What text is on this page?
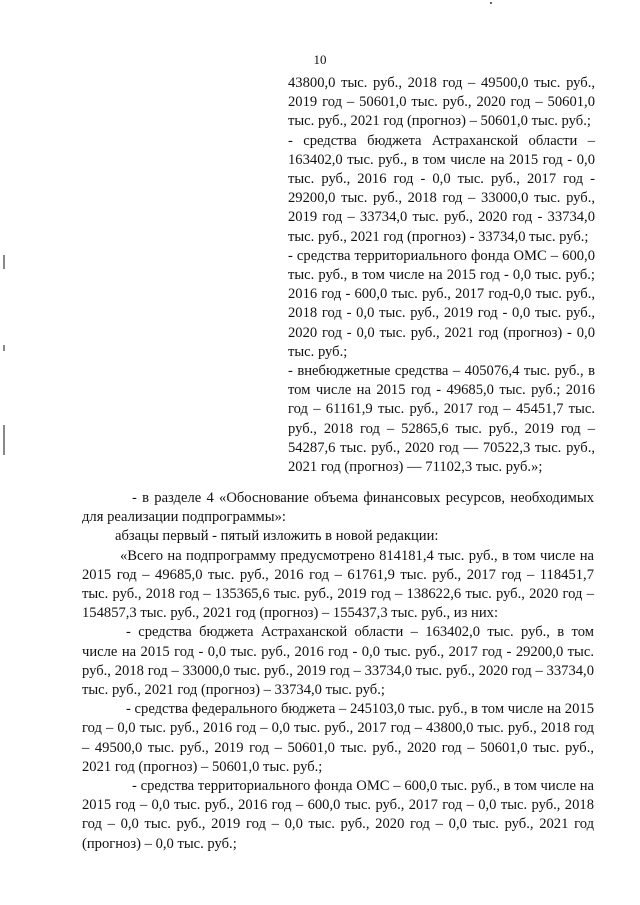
10

43800,0 тыс. руб., 2018 год – 49500,0 тыс. руб., 2019 год – 50601,0 тыс. руб., 2020 год – 50601,0 тыс. руб., 2021 год (прогноз) – 50601,0 тыс. руб.;

- средства бюджета Астраханской области – 163402,0 тыс. руб., в том числе на 2015 год - 0,0 тыс. руб., 2016 год - 0,0 тыс. руб., 2017 год - 29200,0 тыс. руб., 2018 год – 33000,0 тыс. руб., 2019 год – 33734,0 тыс. руб., 2020 год - 33734,0 тыс. руб., 2021 год (прогноз) - 33734,0 тыс. руб.;

- средства территориального фонда ОМС – 600,0 тыс. руб., в том числе на 2015 год - 0,0 тыс. руб.; 2016 год - 600,0 тыс. руб., 2017 год-0,0 тыс. руб., 2018 год - 0,0 тыс. руб., 2019 год - 0,0 тыс. руб., 2020 год - 0,0 тыс. руб., 2021 год (прогноз) - 0,0 тыс. руб.;

- внебюджетные средства – 405076,4 тыс. руб., в том числе на 2015 год - 49685,0 тыс. руб.; 2016 год – 61161,9 тыс. руб., 2017 год – 45451,7 тыс. руб., 2018 год – 52865,6 тыс. руб., 2019 год – 54287,6 тыс. руб., 2020 год — 70522,3 тыс. руб., 2021 год (прогноз) — 71102,3 тыс. руб.»;

- в разделе 4 «Обоснование объема финансовых ресурсов, необходимых для реализации подпрограммы»:

абзацы первый - пятый изложить в новой редакции:

«Всего на подпрограмму предусмотрено 814181,4 тыс. руб., в том числе на 2015 год – 49685,0 тыс. руб., 2016 год – 61761,9 тыс. руб., 2017 год – 118451,7 тыс. руб., 2018 год – 135365,6 тыс. руб., 2019 год – 138622,6 тыс. руб., 2020 год – 154857,3 тыс. руб., 2021 год (прогноз) – 155437,3 тыс. руб., из них:

- средства бюджета Астраханской области – 163402,0 тыс. руб., в том числе на 2015 год - 0,0 тыс. руб., 2016 год - 0,0 тыс. руб., 2017 год - 29200,0 тыс. руб., 2018 год – 33000,0 тыс. руб., 2019 год – 33734,0 тыс. руб., 2020 год – 33734,0 тыс. руб., 2021 год (прогноз) – 33734,0 тыс. руб.;

- средства федерального бюджета – 245103,0 тыс. руб., в том числе на 2015 год – 0,0 тыс. руб., 2016 год – 0,0 тыс. руб., 2017 год – 43800,0 тыс. руб., 2018 год – 49500,0 тыс. руб., 2019 год – 50601,0 тыс. руб., 2020 год – 50601,0 тыс. руб., 2021 год (прогноз) – 50601,0 тыс. руб.;

- средства территориального фонда ОМС – 600,0 тыс. руб., в том числе на 2015 год – 0,0 тыс. руб., 2016 год – 600,0 тыс. руб., 2017 год – 0,0 тыс. руб., 2018 год – 0,0 тыс. руб., 2019 год – 0,0 тыс. руб., 2020 год – 0,0 тыс. руб., 2021 год (прогноз) – 0,0 тыс. руб.;
